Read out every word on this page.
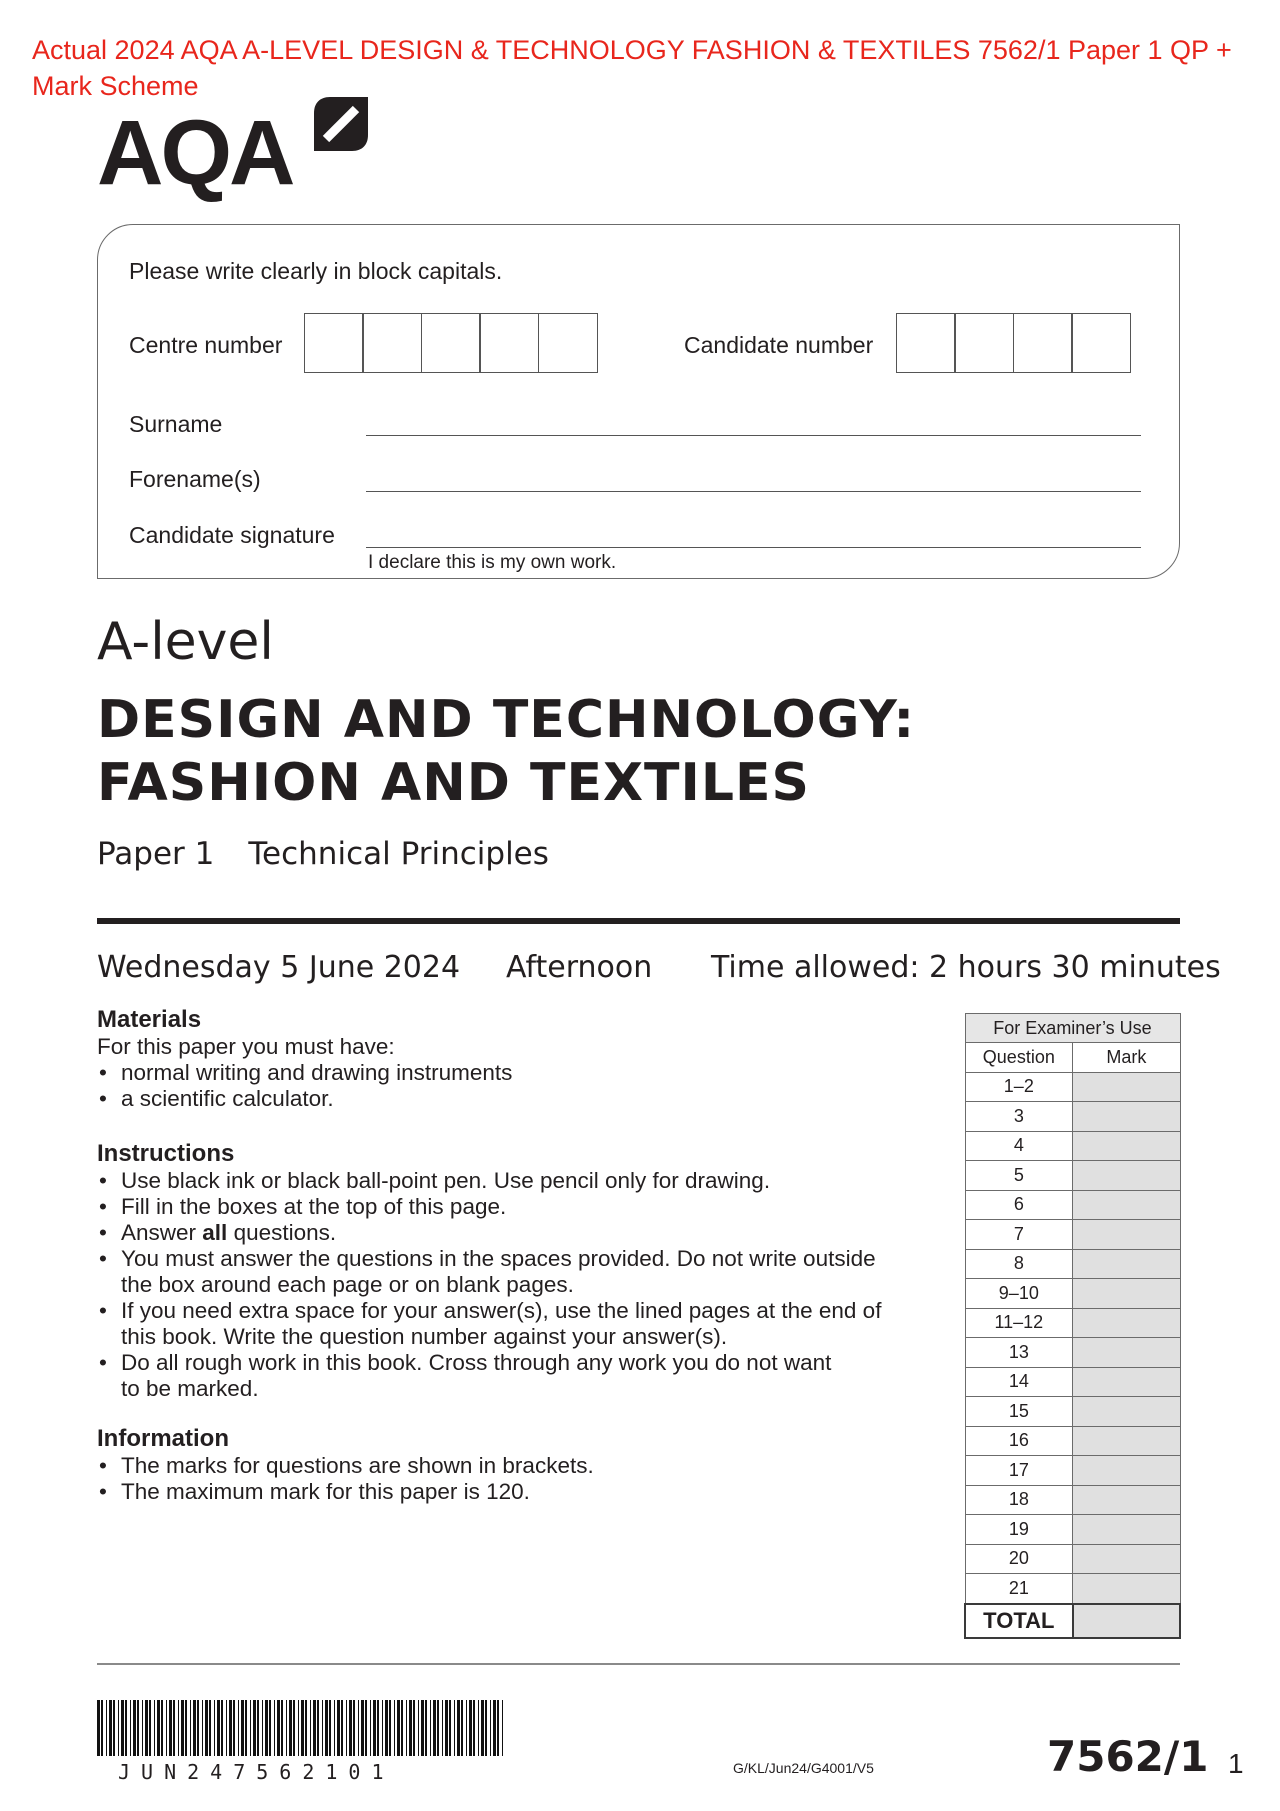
Actual 2024 AQA A-LEVEL DESIGN & TECHNOLOGY FASHION & TEXTILES 7562/1 Paper 1 QP + Mark Scheme
AQA
Please write clearly in block capitals.
Centre number	Candidate number
Surname
Forename(s)
Candidate signature
I declare this is my own work.
A-level
DESIGN AND TECHNOLOGY:
FASHION AND TEXTILES
Paper 1 Technical Principles
Wednesday 5 June 2024 Afternoon Time allowed: 2 hours 30 minutes
Materials
For this paper you must have:
• normal writing and drawing instruments
• a scientific calculator.
Instructions
• Use black ink or black ball-point pen. Use pencil only for drawing.
• Fill in the boxes at the top of this page.
• Answer all questions.
• You must answer the questions in the spaces provided. Do not write outside
the box around each page or on blank pages.
• If you need extra space for your answer(s), use the lined pages at the end of
this book. Write the question number against your answer(s).
• Do all rough work in this book. Cross through any work you do not want
to be marked.
Information
• The marks for questions are shown in brackets.
• The maximum mark for this paper is 120.
For Examiner’s Use	
Question	Mark
1–2	
3	
4	
5	
6	
7	
8	
9–10	
11–12	
13	
14	
15	
16	
17	
18	
19	
20	
21	
TOTAL	
JUN247562101	G/KL/Jun24/G4001/V5	7562/1 1
